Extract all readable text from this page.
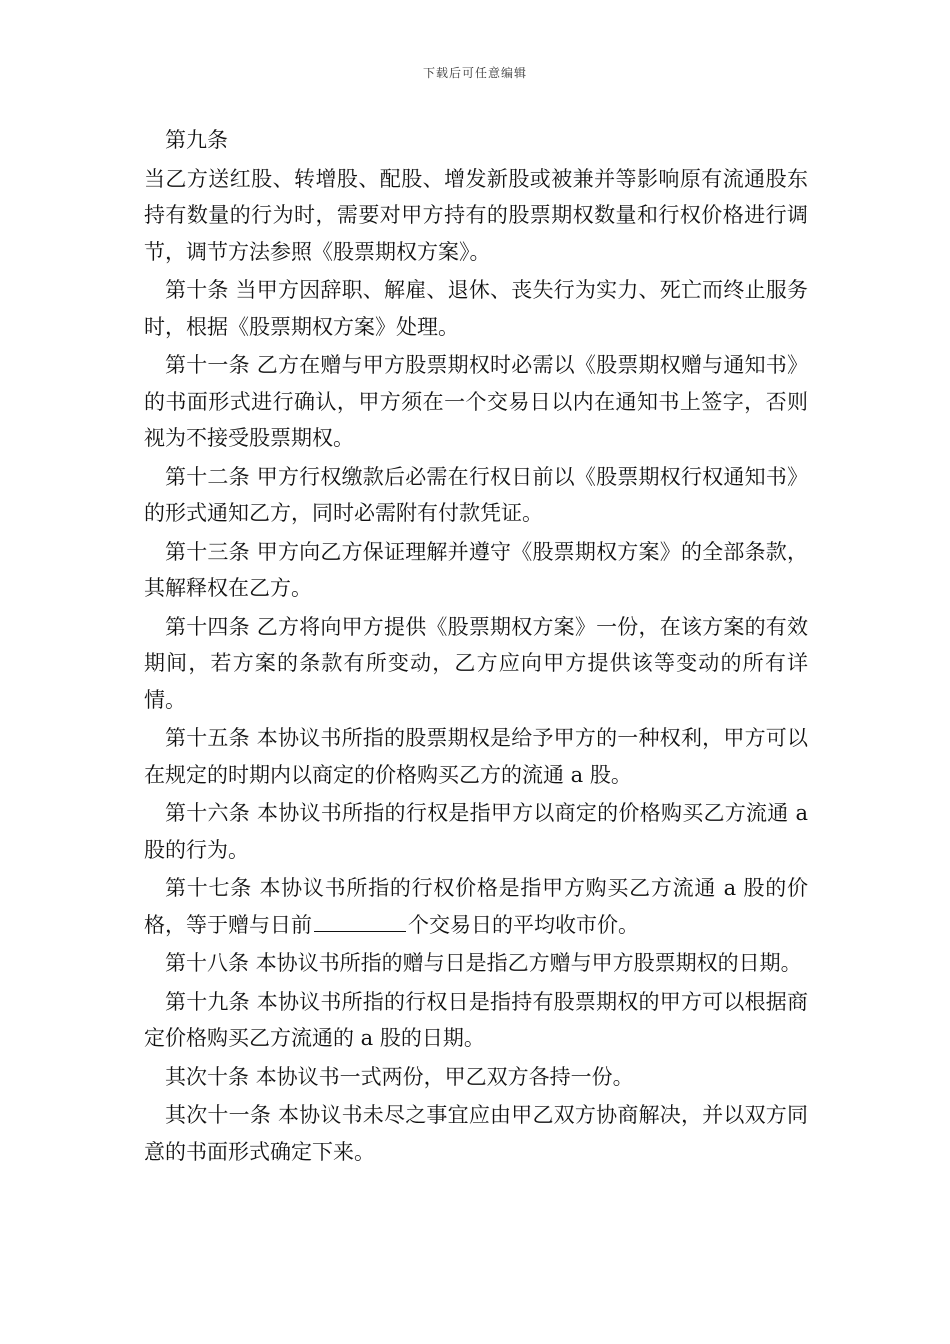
下载后可任意编辑

第九条

当乙方送红股、转增股、配股、增发新股或被兼并等影响原有流通股东持有数量的行为时，需要对甲方持有的股票期权数量和行权价格进行调节，调节方法参照《股票期权方案》。

第十条 当甲方因辞职、解雇、退休、丧失行为实力、死亡而终止服务时，根据《股票期权方案》处理。

第十一条 乙方在赠与甲方股票期权时必需以《股票期权赠与通知书》的书面形式进行确认，甲方须在一个交易日以内在通知书上签字，否则视为不接受股票期权。

第十二条 甲方行权缴款后必需在行权日前以《股票期权行权通知书》的形式通知乙方，同时必需附有付款凭证。

第十三条 甲方向乙方保证理解并遵守《股票期权方案》的全部条款，其解释权在乙方。

第十四条 乙方将向甲方提供《股票期权方案》一份，在该方案的有效期间，若方案的条款有所变动，乙方应向甲方提供该等变动的所有详情。

第十五条 本协议书所指的股票期权是给予甲方的一种权利，甲方可以在规定的时期内以商定的价格购买乙方的流通 a 股。

第十六条 本协议书所指的行权是指甲方以商定的价格购买乙方流通 a 股的行为。

第十七条 本协议书所指的行权价格是指甲方购买乙方流通 a 股的价格，等于赠与日前	个交易日的平均收市价。

第十八条 本协议书所指的赠与日是指乙方赠与甲方股票期权的日期。

第十九条 本协议书所指的行权日是指持有股票期权的甲方可以根据商定价格购买乙方流通的 a 股的日期。

其次十条 本协议书一式两份，甲乙双方各持一份。

其次十一条 本协议书未尽之事宜应由甲乙双方协商解决，并以双方同意的书面形式确定下来。
